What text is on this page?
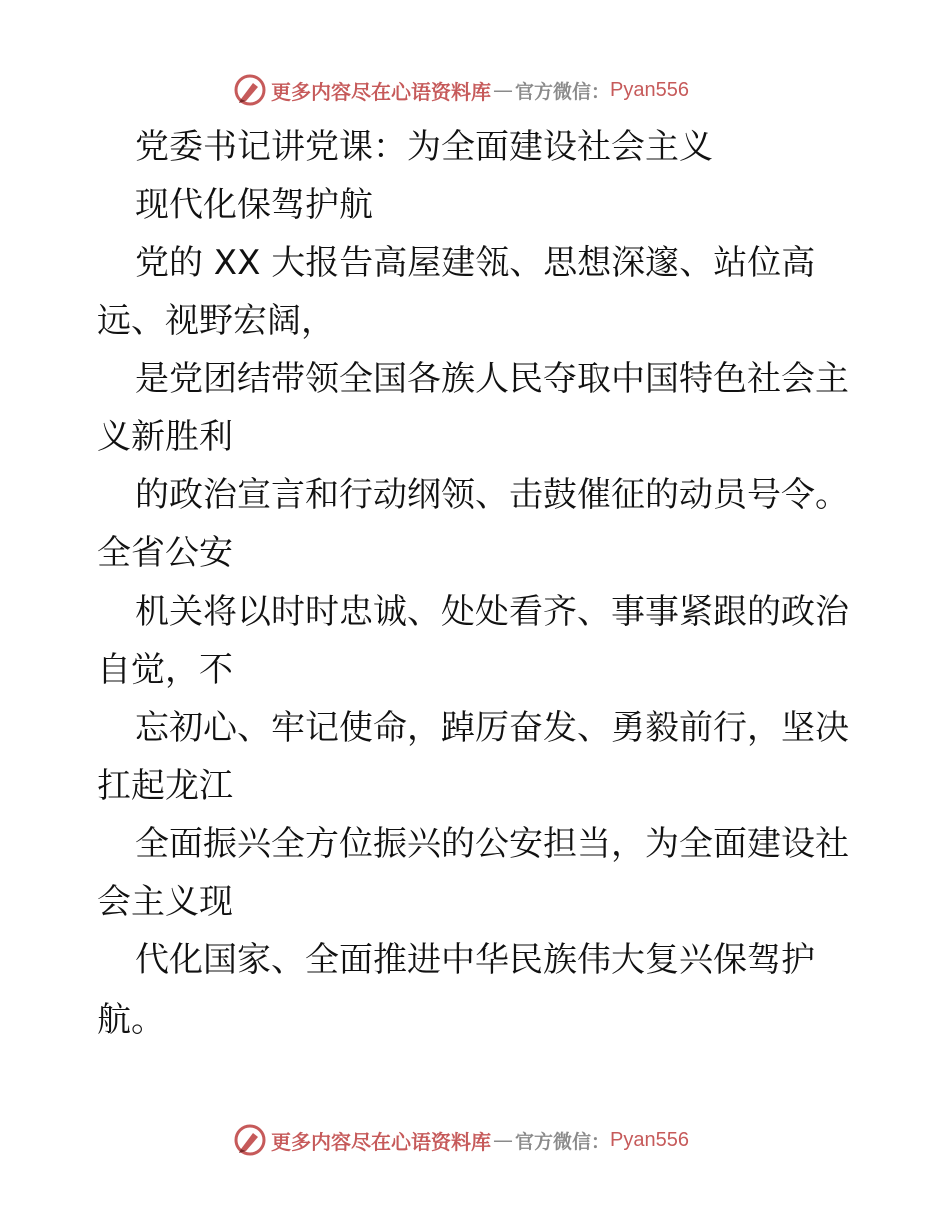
更多内容尽在心语资料库 — 官方微信： Pyan556
党委书记讲党课：为全面建设社会主义
现代化保驾护航
党的 XX 大报告高屋建瓴、思想深邃、站位高
远、视野宏阔，
是党团结带领全国各族人民夺取中国特色社会主
义新胜利
的政治宣言和行动纲领、击鼓催征的动员号令。
全省公安
机关将以时时忠诚、处处看齐、事事紧跟的政治
自觉，不
忘初心、牢记使命，踔厉奋发、勇毅前行，坚决
扛起龙江
全面振兴全方位振兴的公安担当，为全面建设社
会主义现
代化国家、全面推进中华民族伟大复兴保驾护
航。
更多内容尽在心语资料库 — 官方微信： Pyan556
